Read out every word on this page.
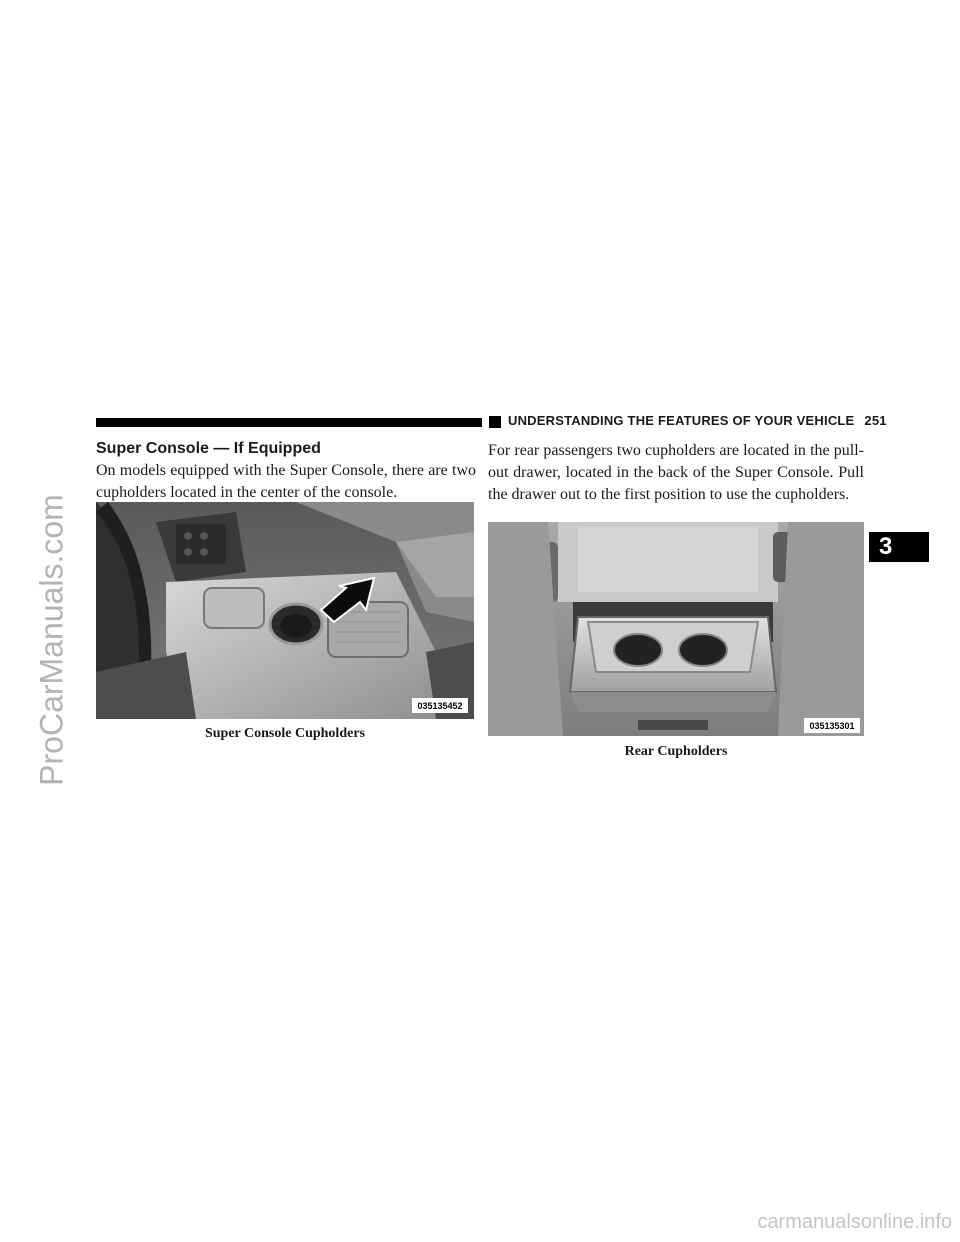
ProCarManuals.com
UNDERSTANDING THE FEATURES OF YOUR VEHICLE 251
3
Super Console — If Equipped
On models equipped with the Super Console, there are two cupholders located in the center of the console.
035135452
Super Console Cupholders
For rear passengers two cupholders are located in the pull-out drawer, located in the back of the Super Console. Pull the drawer out to the first position to use the cupholders.
035135301
Rear Cupholders
carmanualsonline.info
